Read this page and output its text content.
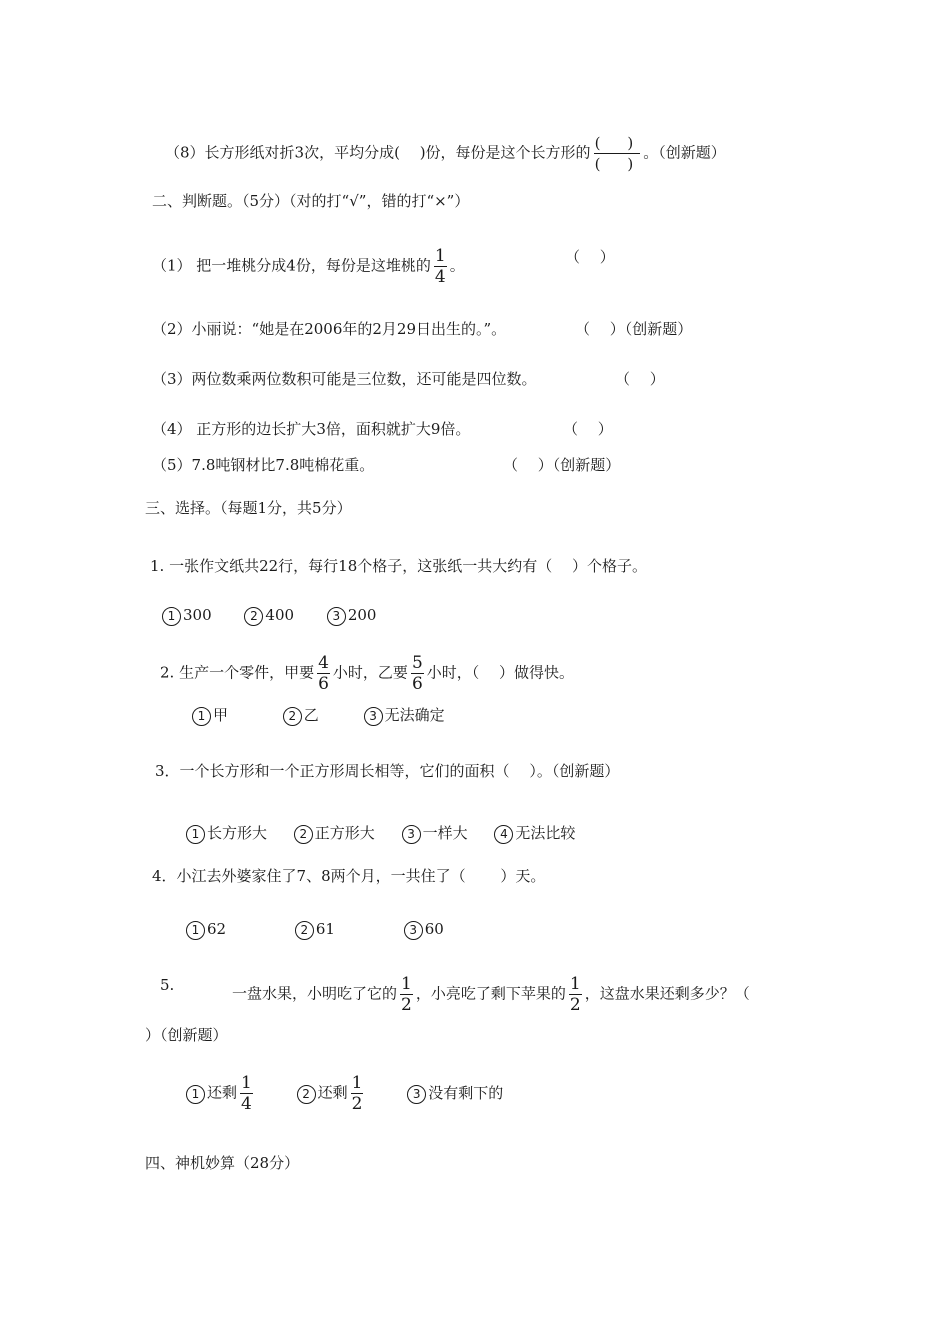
（8）长方形纸对折3次，平均分成(　 )份，每份是这个长方形的 $\frac{( )}{( )}$ 。（创新题）
二、判断题。（5分）（对的打“√”，错的打“×”）
（1） 把一堆桃分成4份，每份是这堆桃的 $\frac{1}{4}$ 。	（　 ）
（2）小丽说：“她是在2006年的2月29日出生的。”。	（　 ）（创新题）
（3）两位数乘两位数积可能是三位数，还可能是四位数。	（　 ）
（4） 正方形的边长扩大3倍，面积就扩大9倍。	（　 ）
（5）7.8吨钢材比7.8吨棉花重。	（　 ）（创新题）
三、选择。（每题1分，共5分）
1. 一张作文纸共22行，每行18个格子，这张纸一共大约有（　 ）个格子。
1 300	2 400	3 200
2. 生产一个零件，甲要 $\frac{4}{6}$ 小时，乙要 $\frac{5}{6}$ 小时，（　 ）做得快。
1 甲	2 乙	3 无法确定
3．一个长方形和一个正方形周长相等，它们的面积（　 ）。（创新题）
1 长方形大	2 正方形大	3 一样大	4 无法比较
4．小江去外婆家住了7、8两个月，一共住了（　　 ）天。
1 62	2 61	3 60
5.	一盘水果，小明吃了它的 $\frac{1}{2}$ ，小亮吃了剩下苹果的 $\frac{1}{2}$ ，这盘水果还剩多少？（
）（创新题）
1 还剩 $\frac{1}{4}$	2 还剩 $\frac{1}{2}$	3 没有剩下的
四、神机妙算（28分）
